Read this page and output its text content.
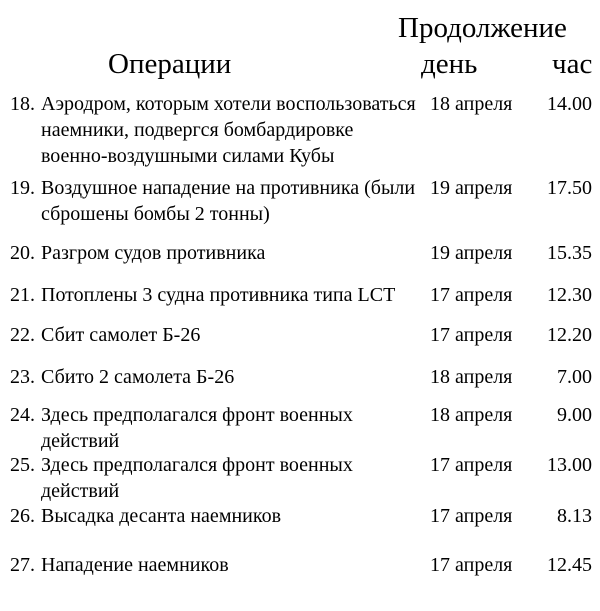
Операции
Продолжение
день	час
18. Аэродром, которым хотели воспользоваться
наемники, подвергся бомбардировке
военно-воздушными силами Кубы
18 апреля 14.00
19. Воздушное нападение на противника (были
сброшены бомбы 2 тонны)
19 апреля 17.50
20. Разгром судов противника	19 апреля 15.35
21. Потоплены 3 судна противника типа LCT	17 апреля 12.30
22. Сбит самолет Б-26	17 апреля 12.20
23. Сбито 2 самолета Б-26	18 апреля 7.00
24. Здесь предполагался фронт военных действий
18 апреля 9.00
25. Здесь предполагался фронт военных действий
17 апреля 13.00
26. Высадка десанта наемников	17 апреля 8.13
27. Нападение наемников	17 апреля 12.45
